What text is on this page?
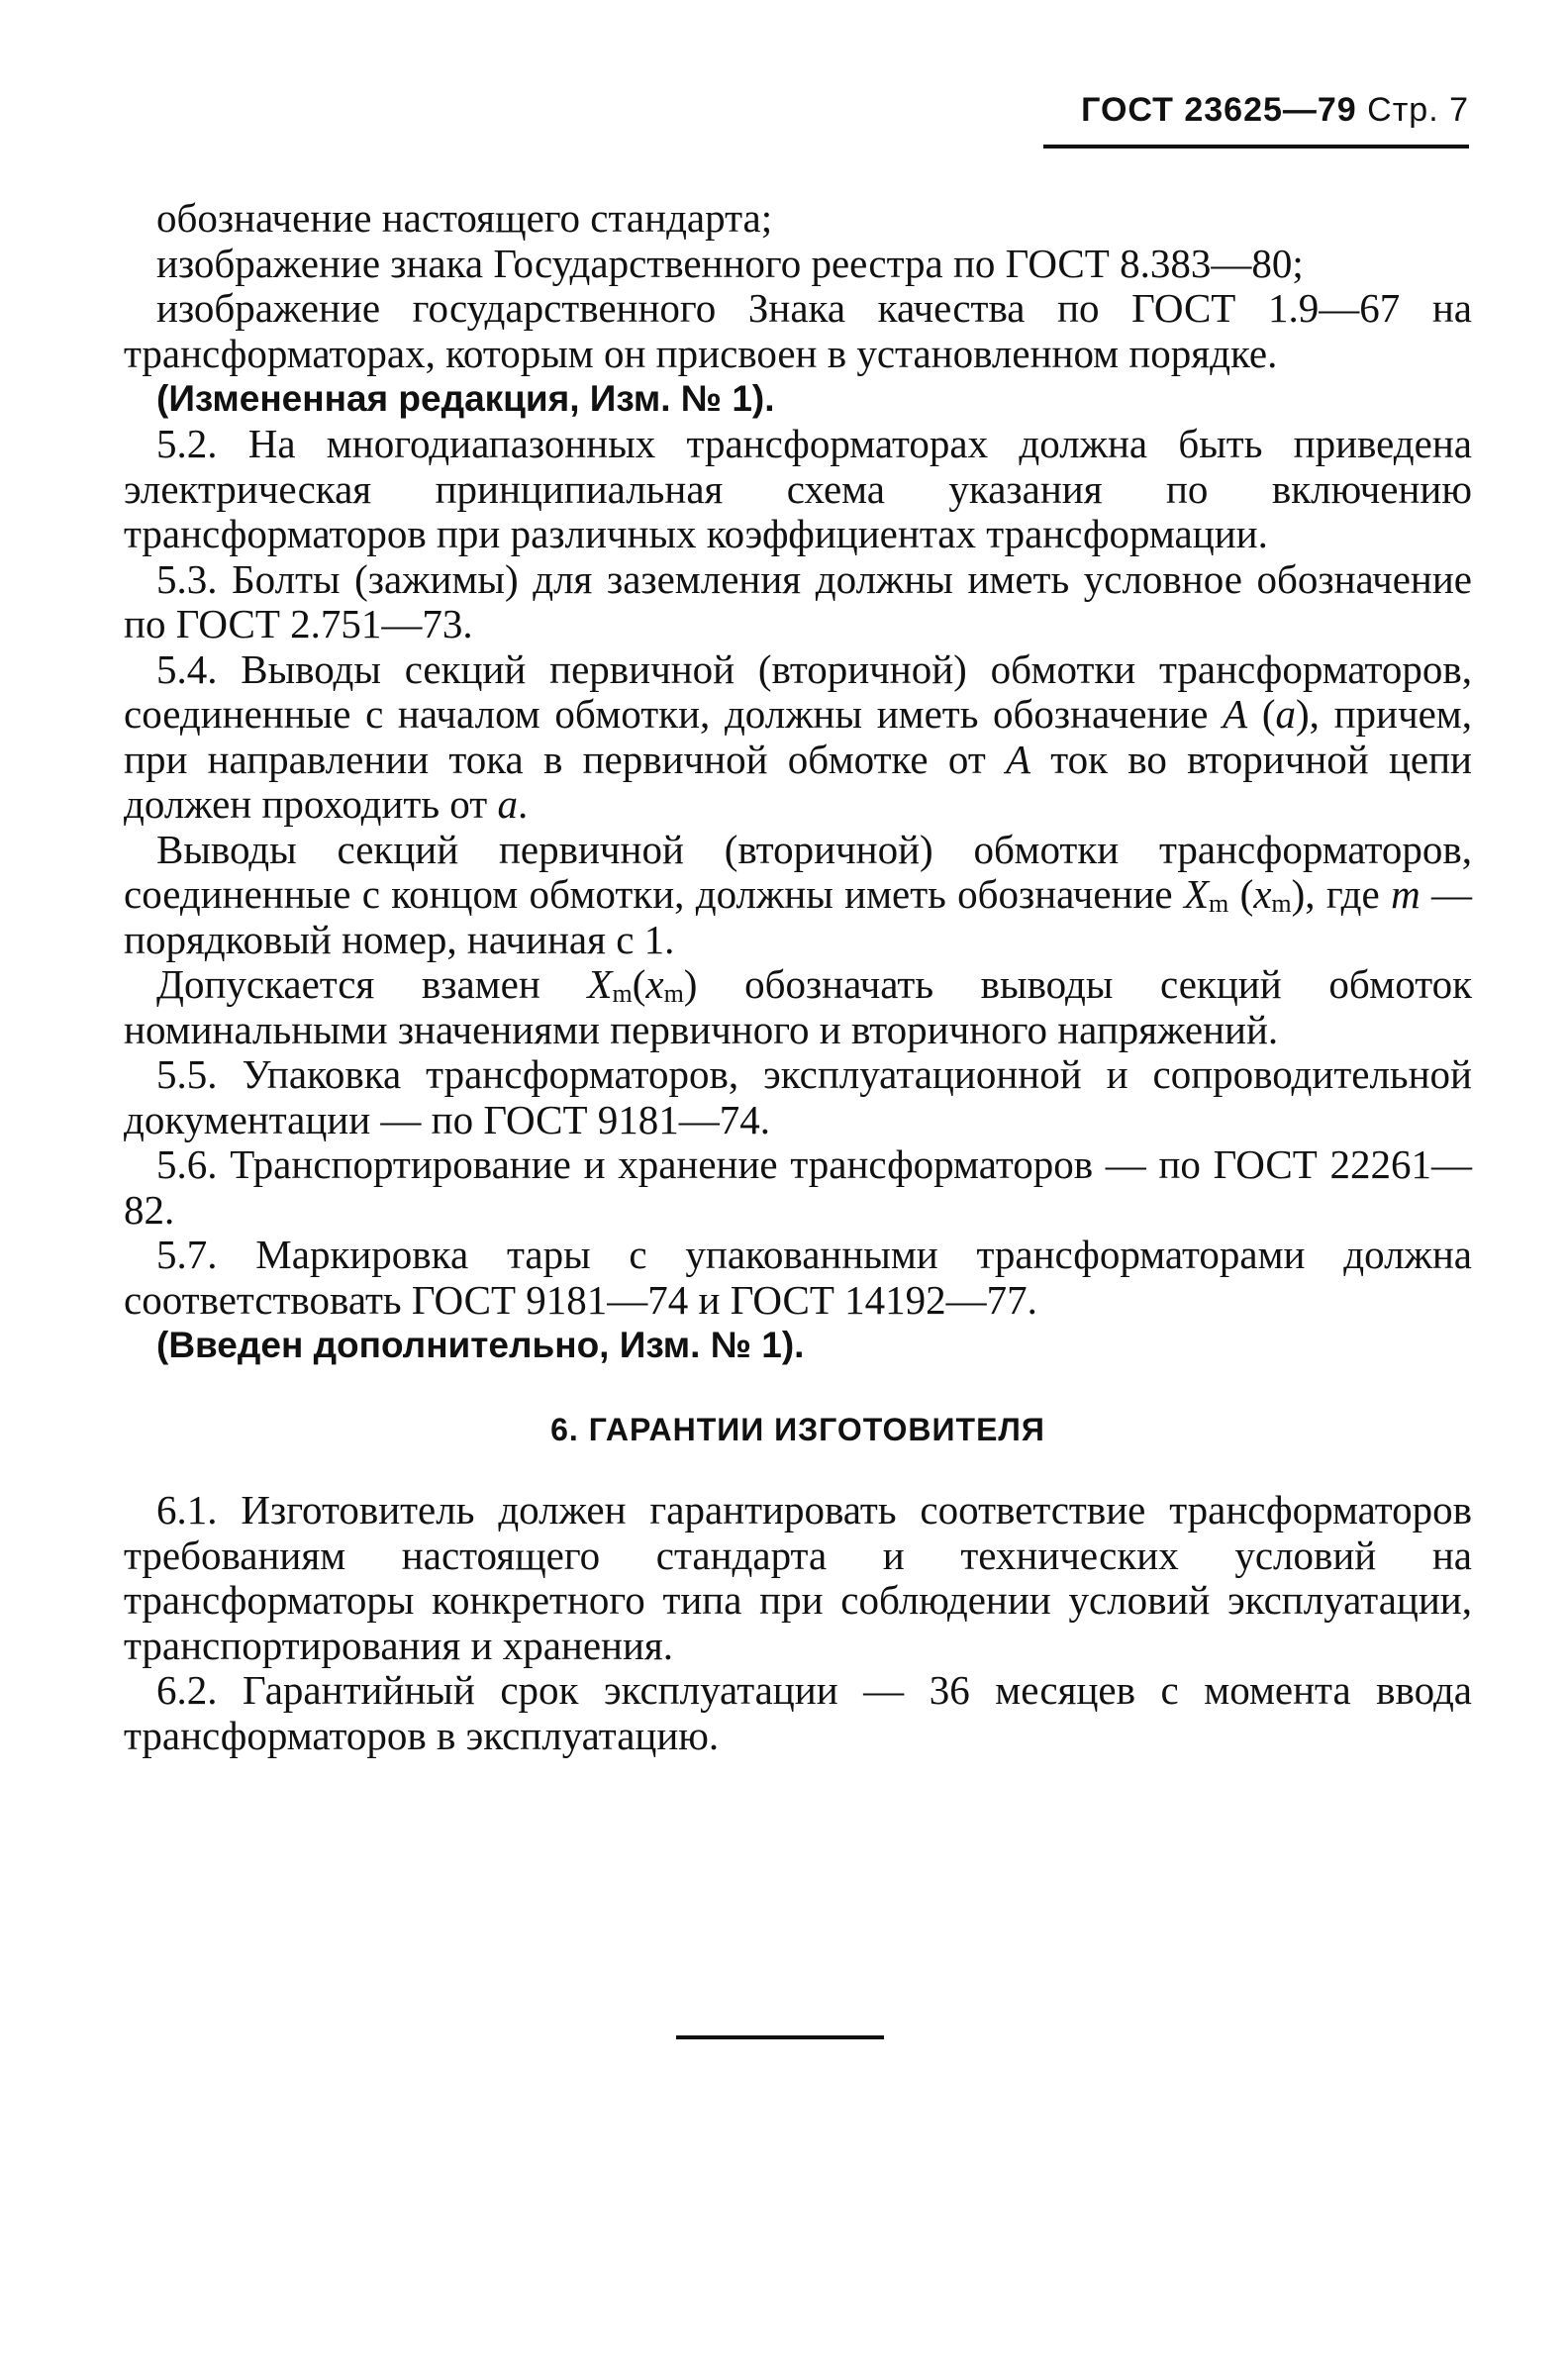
ГОСТ 23625—79 Стр. 7

обозначение настоящего стандарта;

изображение знака Государственного реестра по ГОСТ 8.383—80;

изображение государственного Знака качества по ГОСТ 1.9—67 на трансформаторах, которым он присвоен в установленном порядке.

(Измененная редакция, Изм. № 1).

5.2. На многодиапазонных трансформаторах должна быть приведена электрическая принципиальная схема указания по включению трансформаторов при различных коэффициентах трансформации.

5.3. Болты (зажимы) для заземления должны иметь условное обозначение по ГОСТ 2.751—73.

5.4. Выводы секций первичной (вторичной) обмотки трансформаторов, соединенные с началом обмотки, должны иметь обозначение A (a), причем, при направлении тока в первичной обмотке от A ток во вторичной цепи должен проходить от a.

Выводы секций первичной (вторичной) обмотки трансформаторов, соединенные с концом обмотки, должны иметь обозначение $X_m$ $(x_m)$, где m — порядковый номер, начиная с 1.

Допускается взамен $X_m(x_m)$ обозначать выводы секций обмоток номинальными значениями первичного и вторичного напряжений.

5.5. Упаковка трансформаторов, эксплуатационной и сопроводительной документации — по ГОСТ 9181—74.

5.6. Транспортирование и хранение трансформаторов — по ГОСТ 22261—82.

5.7. Маркировка тары с упакованными трансформаторами должна соответствовать ГОСТ 9181—74 и ГОСТ 14192—77.

(Введен дополнительно, Изм. № 1).

6. ГАРАНТИИ ИЗГОТОВИТЕЛЯ

6.1. Изготовитель должен гарантировать соответствие трансформаторов требованиям настоящего стандарта и технических условий на трансформаторы конкретного типа при соблюдении условий эксплуатации, транспортирования и хранения.

6.2. Гарантийный срок эксплуатации — 36 месяцев с момента ввода трансформаторов в эксплуатацию.
